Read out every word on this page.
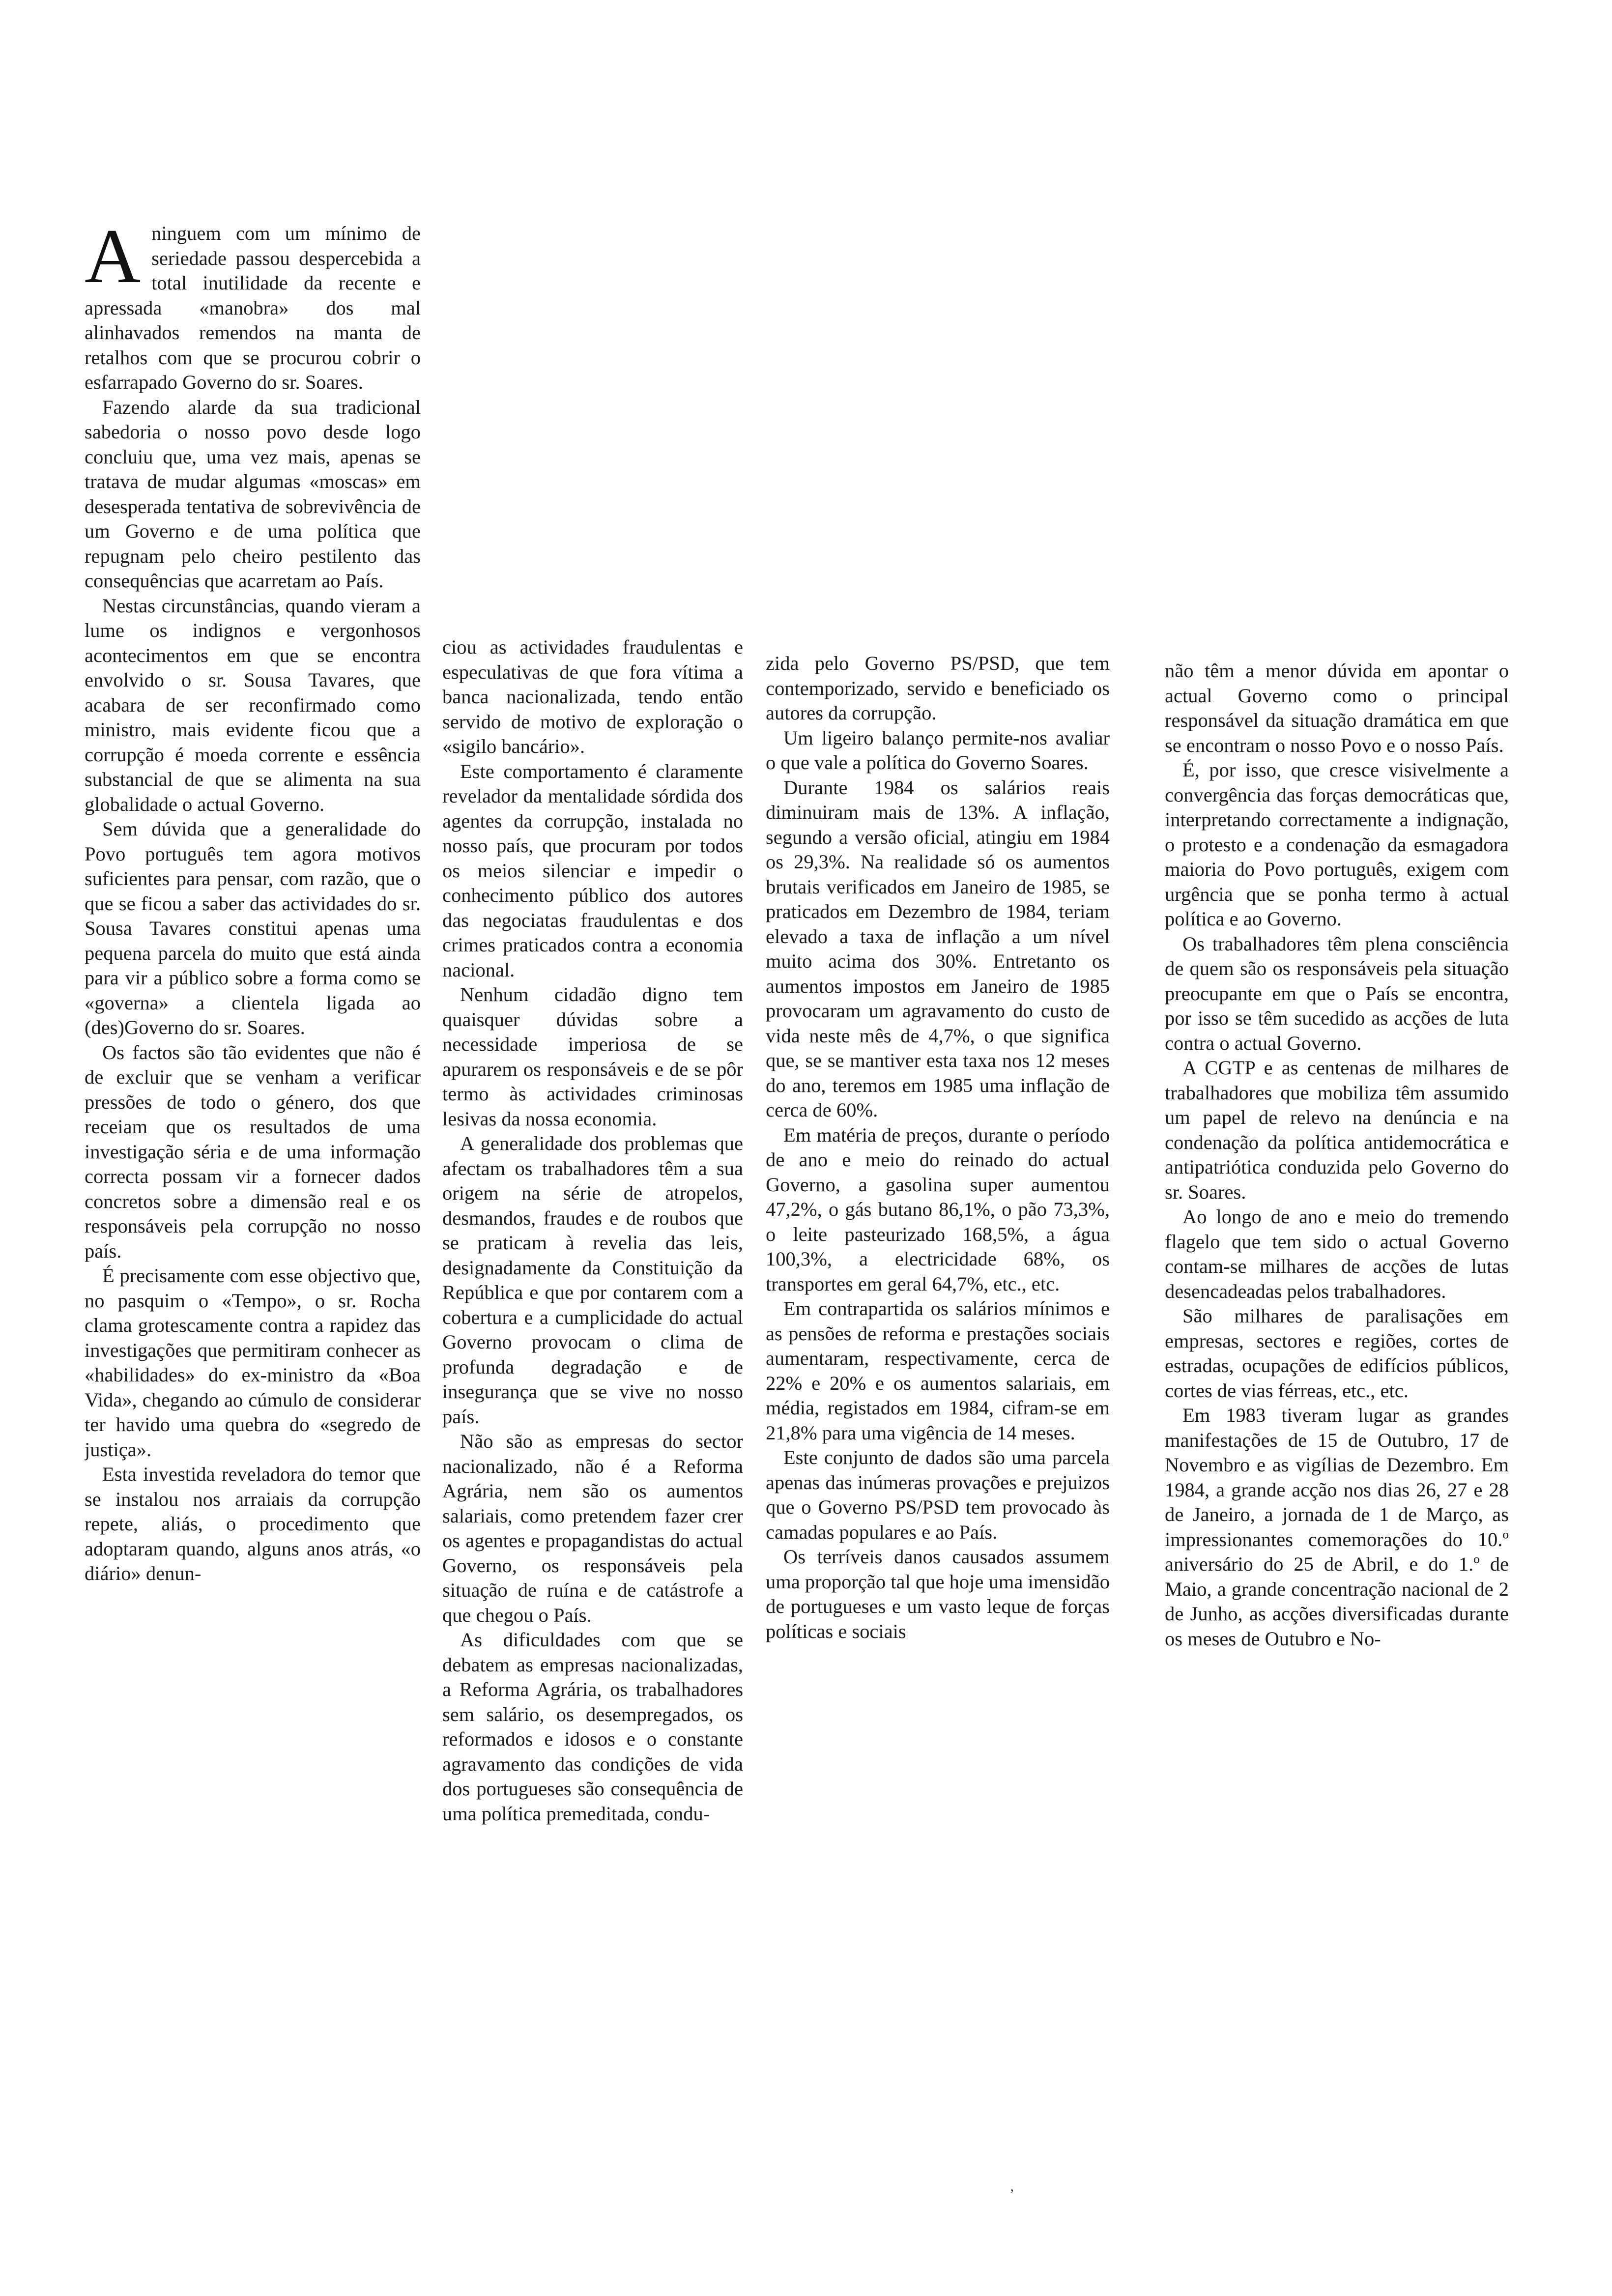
Aninguem com um mínimo de seriedade passou despercebida a total inutilidade da recente e apressada «manobra» dos mal alinhavados remendos na manta de retalhos com que se procurou cobrir o esfarrapado Governo do sr. Soares.

Fazendo alarde da sua tradicional sabedoria o nosso povo desde logo concluiu que, uma vez mais, apenas se tratava de mudar algumas «moscas» em desesperada tentativa de sobrevivência de um Governo e de uma política que repugnam pelo cheiro pestilento das consequências que acarretam ao País.

Nestas circunstâncias, quando vieram a lume os indignos e vergonhosos acontecimentos em que se encontra envolvido o sr. Sousa Tavares, que acabara de ser reconfirmado como ministro, mais evidente ficou que a corrupção é moeda corrente e essência substancial de que se alimenta na sua globalidade o actual Governo.

Sem dúvida que a generalidade do Povo português tem agora motivos suficientes para pensar, com razão, que o que se ficou a saber das actividades do sr. Sousa Tavares constitui apenas uma pequena parcela do muito que está ainda para vir a público sobre a forma como se «governa» a clientela ligada ao (des)Governo do sr. Soares.

Os factos são tão evidentes que não é de excluir que se venham a verificar pressões de todo o género, dos que receiam que os resultados de uma investigação séria e de uma informação correcta possam vir a fornecer dados concretos sobre a dimensão real e os responsáveis pela corrupção no nosso país.

É precisamente com esse objectivo que, no pasquim o «Tempo», o sr. Rocha clama grotescamente contra a rapidez das investigações que permitiram conhecer as «habilidades» do ex-ministro da «Boa Vida», chegando ao cúmulo de considerar ter havido uma quebra do «segredo de justiça».

Esta investida reveladora do temor que se instalou nos arraiais da corrupção repete, aliás, o procedimento que adoptaram quando, alguns anos atrás, «o diário» denun-

ciou as actividades fraudulentas e especulativas de que fora vítima a banca nacionalizada, tendo então servido de motivo de exploração o «sigilo bancário».

Este comportamento é claramente revelador da mentalidade sórdida dos agentes da corrupção, instalada no nosso país, que procuram por todos os meios silenciar e impedir o conhecimento público dos autores das negociatas fraudulentas e dos crimes praticados contra a economia nacional.

Nenhum cidadão digno tem quaisquer dúvidas sobre a necessidade imperiosa de se apurarem os responsáveis e de se pôr termo às actividades criminosas lesivas da nossa economia.

A generalidade dos problemas que afectam os trabalhadores têm a sua origem na série de atropelos, desmandos, fraudes e de roubos que se praticam à revelia das leis, designadamente da Constituição da República e que por contarem com a cobertura e a cumplicidade do actual Governo provocam o clima de profunda degradação e de insegurança que se vive no nosso país.

Não são as empresas do sector nacionalizado, não é a Reforma Agrária, nem são os aumentos salariais, como pretendem fazer crer os agentes e propagandistas do actual Governo, os responsáveis pela situação de ruína e de catástrofe a que chegou o País.

As dificuldades com que se debatem as empresas nacionalizadas, a Reforma Agrária, os trabalhadores sem salário, os desempregados, os reformados e idosos e o constante agravamento das condições de vida dos portugueses são consequência de uma política premeditada, condu-

zida pelo Governo PS/PSD, que tem contemporizado, servido e beneficiado os autores da corrupção.

Um ligeiro balanço permite-nos avaliar o que vale a política do Governo Soares.

Durante 1984 os salários reais diminuiram mais de 13%. A inflação, segundo a versão oficial, atingiu em 1984 os 29,3%. Na realidade só os aumentos brutais verificados em Janeiro de 1985, se praticados em Dezembro de 1984, teriam elevado a taxa de inflação a um nível muito acima dos 30%. Entretanto os aumentos impostos em Janeiro de 1985 provocaram um agravamento do custo de vida neste mês de 4,7%, o que significa que, se se mantiver esta taxa nos 12 meses do ano, teremos em 1985 uma inflação de cerca de 60%.

Em matéria de preços, durante o período de ano e meio do reinado do actual Governo, a gasolina super aumentou 47,2%, o gás butano 86,1%, o pão 73,3%, o leite pasteurizado 168,5%, a água 100,3%, a electricidade 68%, os transportes em geral 64,7%, etc., etc.

Em contrapartida os salários mínimos e as pensões de reforma e prestações sociais aumentaram, respectivamente, cerca de 22% e 20% e os aumentos salariais, em média, registados em 1984, cifram-se em 21,8% para uma vigência de 14 meses.

Este conjunto de dados são uma parcela apenas das inúmeras provações e prejuizos que o Governo PS/PSD tem provocado às camadas populares e ao País.

Os terríveis danos causados assumem uma proporção tal que hoje uma imensidão de portugueses e um vasto leque de forças políticas e sociais

não têm a menor dúvida em apontar o actual Governo como o principal responsável da situação dramática em que se encontram o nosso Povo e o nosso País.

É, por isso, que cresce visivelmente a convergência das forças democráticas que, interpretando correctamente a indignação, o protesto e a condenação da esmagadora maioria do Povo português, exigem com urgência que se ponha termo à actual política e ao Governo.

Os trabalhadores têm plena consciência de quem são os responsáveis pela situação preocupante em que o País se encontra, por isso se têm sucedido as acções de luta contra o actual Governo.

A CGTP e as centenas de milhares de trabalhadores que mobiliza têm assumido um papel de relevo na denúncia e na condenação da política antidemocrática e antipatriótica conduzida pelo Governo do sr. Soares.

Ao longo de ano e meio do tremendo flagelo que tem sido o actual Governo contam-se milhares de acções de lutas desencadeadas pelos trabalhadores.

São milhares de paralisações em empresas, sectores e regiões, cortes de estradas, ocupações de edifícios públicos, cortes de vias férreas, etc., etc.

Em 1983 tiveram lugar as grandes manifestações de 15 de Outubro, 17 de Novembro e as vigílias de Dezembro. Em 1984, a grande acção nos dias 26, 27 e 28 de Janeiro, a jornada de 1 de Março, as impressionantes comemorações do 10.º aniversário do 25 de Abril, e do 1.º de Maio, a grande concentração nacional de 2 de Junho, as acções diversificadas durante os meses de Outubro e No-

‚
